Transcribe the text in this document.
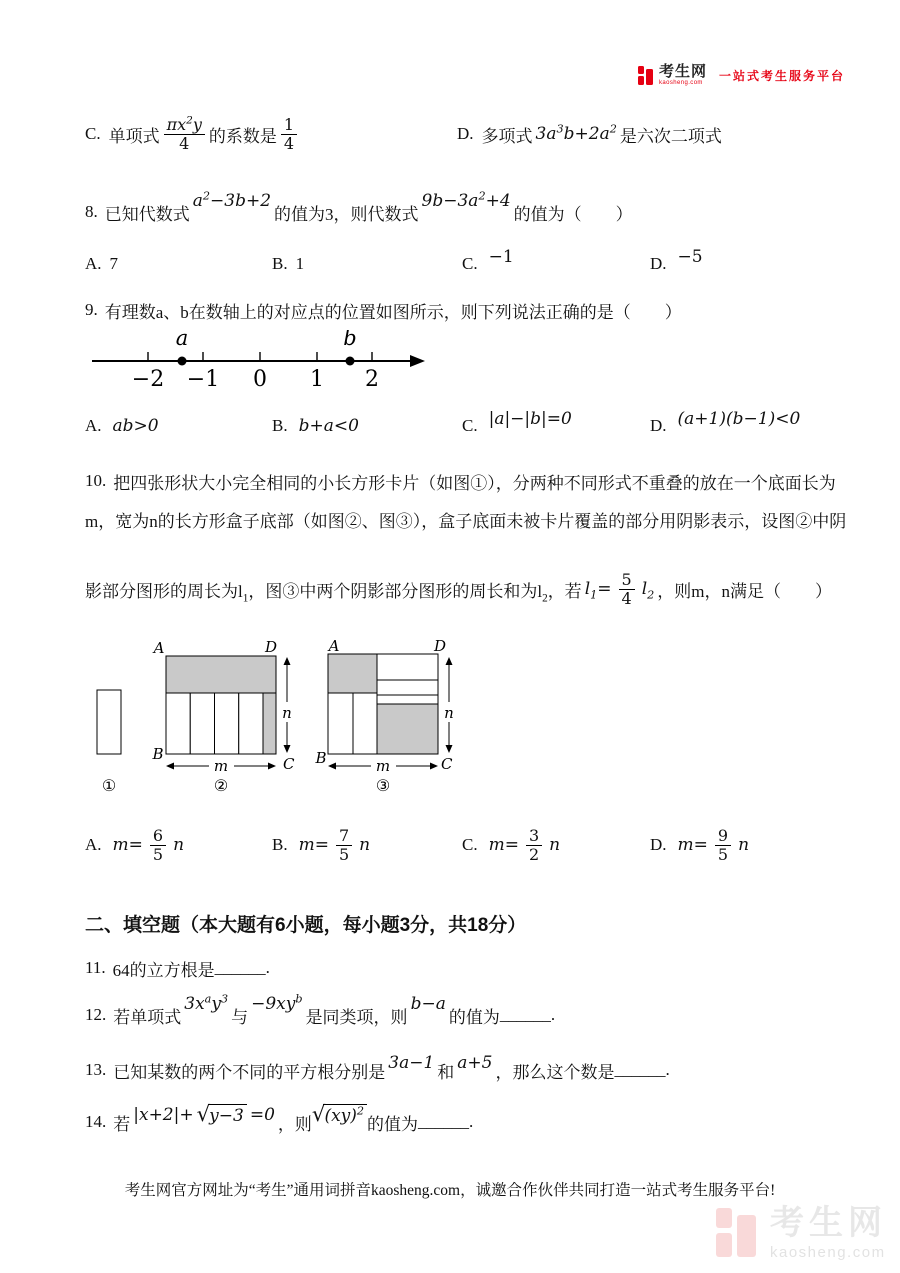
考生网
kaosheng.com
一站式考生服务平台
C. 单项式 $\frac{\pi x^2y}{4}$ 的系数是 $\frac{1}{4}$	D. 多项式 $3a^3b+2a^2$ 是六次二项式
8. 已知代数式
$a^2-3b+2$
的值为3，则代数式
$9b-3a^2+4$
的值为（　　）
A. 7	B. 1	C. −1	D. −5
9. 有理数a、b在数轴上的对应点的位置如图所示，则下列说法正确的是（　　）
a	b
−2 −1 0 1 2
A. ab>0	B. b+a<0	C. |a|−|b|=0	D. (a+1)(b−1)<0
10. 把四张形状大小完全相同的小长方形卡片（如图①），分两种不同形式不重叠的放在一个底面长为
m，宽为n的长方形盒子底部（如图②、图③），盒子底面未被卡片覆盖的部分用阴影表示，设图②中阴
影部分图形的周长为$l_1$，图③中两个阴影部分图形的周长和为$l_2$，若 $l_1= \frac{5}{4} l_2$ ，则m，n满足（　　）
①
A	D
B
C
n
m
②
A	D
B	C
n
m
③
A. $m= \frac{6}{5}$ n	B. $m= \frac{7}{5}$ n	C. $m= \frac{3}{2}$ n	D. $m= \frac{9}{5}$ n
二、填空题（本大题有6小题，每小题3分，共18分）
11. 64的立方根是 ______.
12. 若单项式
$3x^ay^3$
与
$-9xy^b$
是同类项，则
b−a
的值为 ______.
13. 已知某数的两个不同的平方根分别是 3a−1 和 a+5 ，那么这个数是 ______.
14. 若 |x+2|+ √ y−3 =0 ，则 √ (xy)$^2$
的值为 ______.
考生网官方网址为“考生”通用词拼音kaosheng.com，诚邀合作伙伴共同打造一站式考生服务平台!
考生网
kaosheng.com
